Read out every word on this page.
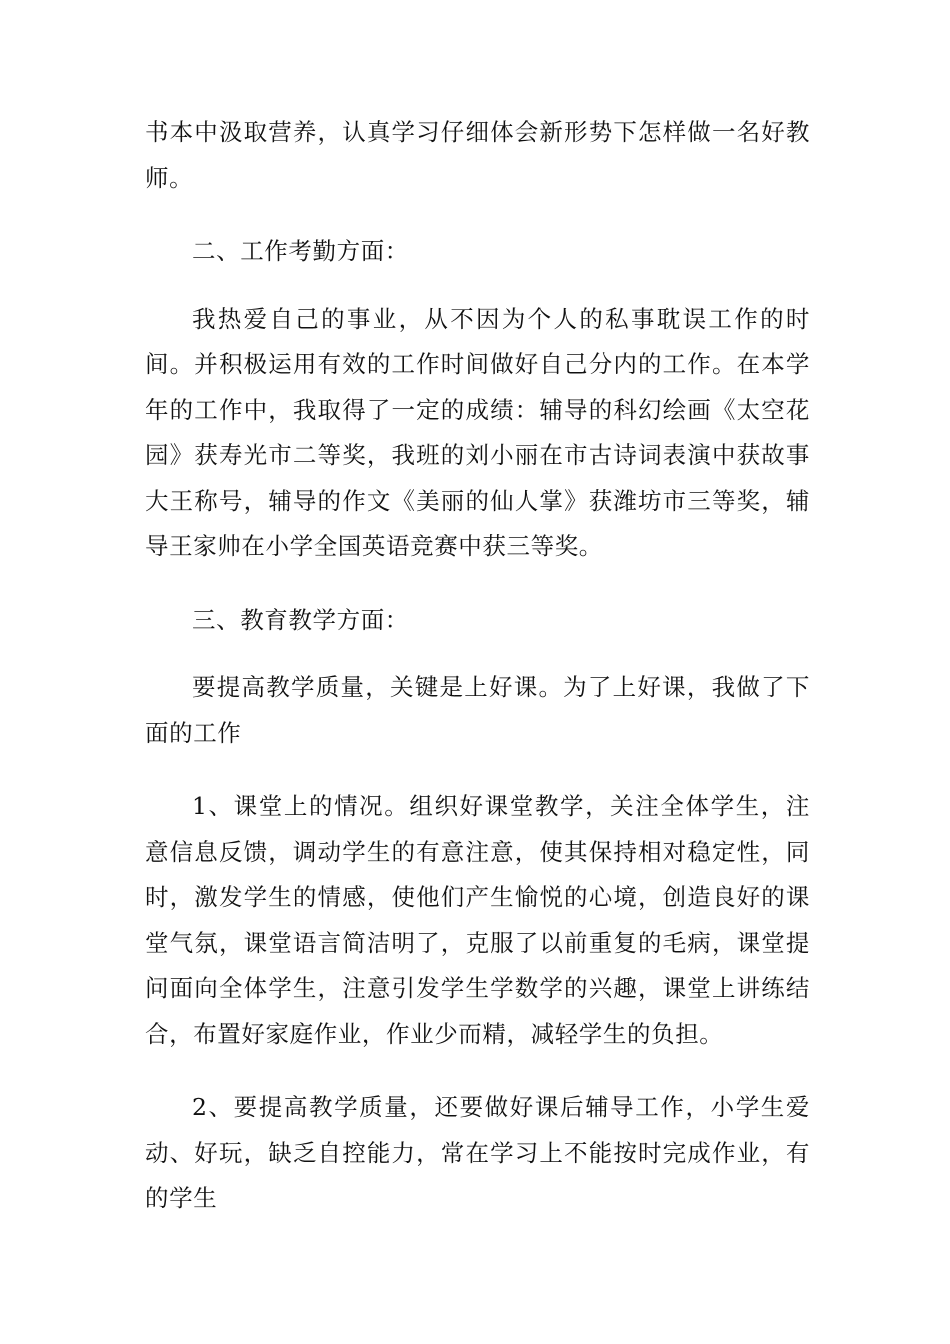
书本中汲取营养，认真学习仔细体会新形势下怎样做一名好教师。

二、工作考勤方面：

我热爱自己的事业，从不因为个人的私事耽误工作的时间。并积极运用有效的工作时间做好自己分内的工作。在本学年的工作中，我取得了一定的成绩：辅导的科幻绘画《太空花园》获寿光市二等奖，我班的刘小丽在市古诗词表演中获故事大王称号，辅导的作文《美丽的仙人掌》获潍坊市三等奖，辅导王家帅在小学全国英语竞赛中获三等奖。

三、教育教学方面：

要提高教学质量，关键是上好课。为了上好课，我做了下面的工作

1、课堂上的情况。组织好课堂教学，关注全体学生，注意信息反馈，调动学生的有意注意，使其保持相对稳定性，同时，激发学生的情感，使他们产生愉悦的心境，创造良好的课堂气氛，课堂语言简洁明了，克服了以前重复的毛病，课堂提问面向全体学生，注意引发学生学数学的兴趣，课堂上讲练结合，布置好家庭作业，作业少而精，减轻学生的负担。

2、要提高教学质量，还要做好课后辅导工作，小学生爱动、好玩，缺乏自控能力，常在学习上不能按时完成作业，有的学生
